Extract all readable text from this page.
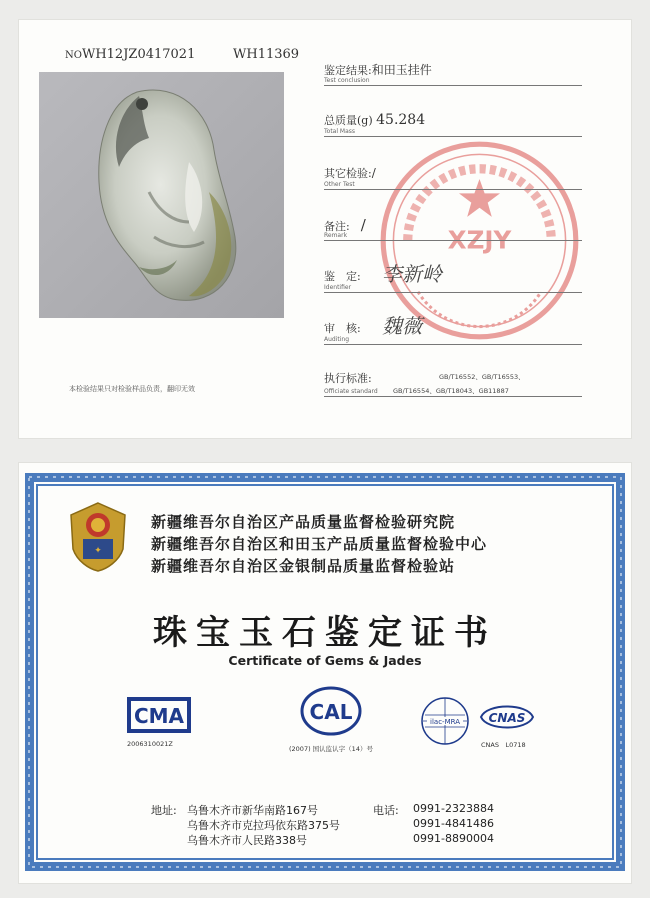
NOWH12JZ0417021	WH11369
本检验结果只对检验样品负责，翻印无效
XZJY
鉴定结果:和田玉挂件
Test conclusion
总质量(g) 45.284
Total Mass
其它检验:/
Other Test
备注:　 /
Remark
鉴　定: 李新岭
Identifier
审　核: 魏薇
Auditing
执行标准:
Officiate standard
GB/T16552、GB/T16553、
GB/T16554、GB/T18043、GB11887
✦
新疆维吾尔自治区产品质量监督检验研究院
新疆维吾尔自治区和田玉产品质量监督检验中心
新疆维吾尔自治区金银制品质量监督检验站
珠宝玉石鉴定证书
Certificate of Gems & Jades
CMA
2006310021Z
CAL
(2007) 国认监认字（14）号
ilac-MRA CNAS
CNAS　L0718
地址: 乌鲁木齐市新华南路167号
乌鲁木齐市克拉玛依东路375号
乌鲁木齐市人民路338号
电话: 0991-2323884
0991-4841486
0991-8890004
